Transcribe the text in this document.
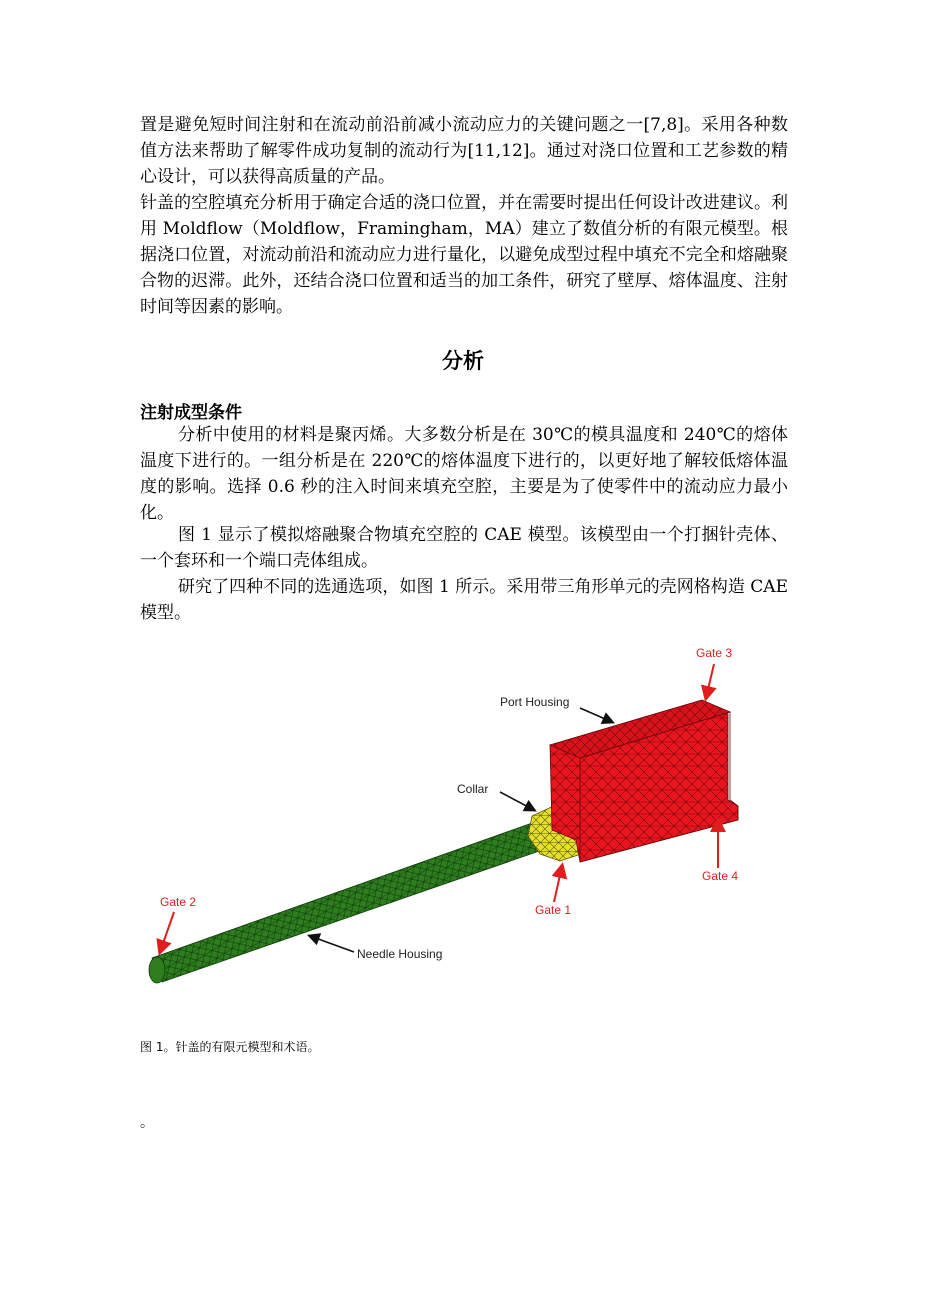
置是避免短时间注射和在流动前沿前减小流动应力的关键问题之一[7,8]。采用各种数值方法来帮助了解零件成功复制的流动行为[11,12]。通过对浇口位置和工艺参数的精心设计，可以获得高质量的产品。

针盖的空腔填充分析用于确定合适的浇口位置，并在需要时提出任何设计改进建议。利用 Moldflow（Moldflow，Framingham，MA）建立了数值分析的有限元模型。根据浇口位置，对流动前沿和流动应力进行量化，以避免成型过程中填充不完全和熔融聚合物的迟滞。此外，还结合浇口位置和适当的加工条件，研究了壁厚、熔体温度、注射时间等因素的影响。

分析
注射成型条件

分析中使用的材料是聚丙烯。大多数分析是在 30℃的模具温度和 240℃的熔体温度下进行的。一组分析是在 220℃的熔体温度下进行的，以更好地了解较低熔体温度的影响。选择 0.6 秒的注入时间来填充空腔，主要是为了使零件中的流动应力最小化。

图 1 显示了模拟熔融聚合物填充空腔的 CAE 模型。该模型由一个打捆针壳体、一个套环和一个端口壳体组成。

研究了四种不同的选通选项，如图 1 所示。采用带三角形单元的壳网格构造 CAE 模型。

Gate 3
Port Housing
Collar
Gate 4
Gate 2
Gate 1
Needle Housing

图 1。针盖的有限元模型和术语。

。
